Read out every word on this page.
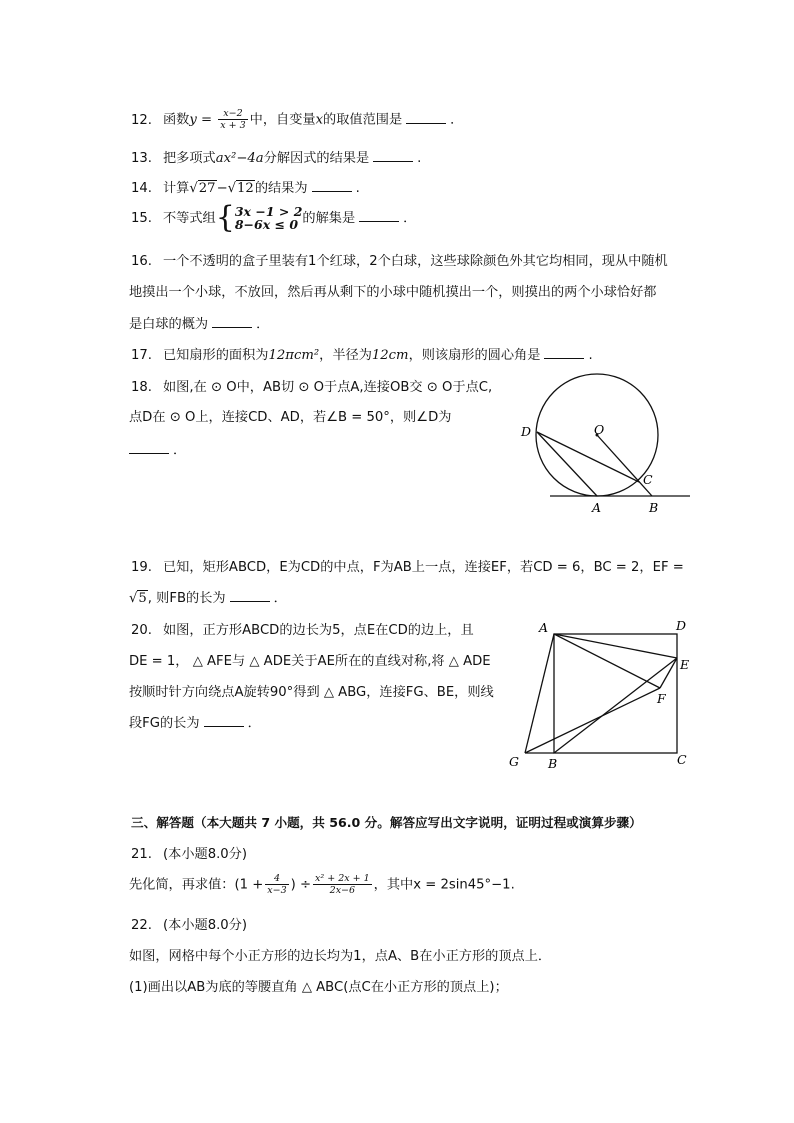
12. 函数$y = \frac{x-2}{x + 3}$ 中，自变量x的取值范围是	．
13. 把多项式ax²−4a分解因式的结果是	.
14. 计算√27−√12的结果为	.
15. 不等式组{ 3x −1 > 2
8−6x ≤ 0 的解集是	．
16. 一个不透明的盒子里装有1个红球，2个白球，这些球除颜色外其它均相同，现从中随机
地摸出一个小球，不放回，然后再从剩下的小球中随机摸出一个，则摸出的两个小球恰好都
是白球的概为	．
17. 已知扇形的面积为12πcm²，半径为12cm，则该扇形的圆心角是	.
18. 如图,在 ⊙ O中，AB切 ⊙ O于点A,连接OB交 ⊙ O于点C,
点D在 ⊙ O上，连接CD、AD，若∠B = 50°，则∠D为
．
D	O
C
A	B
19. 已知，矩形ABCD，E为CD的中点，F为AB上一点，连接EF，若CD = 6，BC = 2，EF =
√5, 则FB的长为	．
20. 如图，正方形ABCD的边长为5，点E在CD的边上，且
DE = 1， △ AFE与 △ ADE关于AE所在的直线对称,将 △ ADE
按顺时针方向绕点A旋转90°得到 △ ABG，连接FG、BE，则线
段FG的长为	．
A	D
E
F
G B	C
三、解答题（本大题共 7 小题，共 56.0 分。解答应写出文字说明，证明过程或演算步骤）
21. (本小题8.0分)
先化简，再求值：($1 + \frac{4}{x-3}$ ) ÷ $\frac{\text{x² + 2x + 1}}{2x-6}$ ，其中x = 2sin45°−1.
22. (本小题8.0分)
如图，网格中每个小正方形的边长均为1，点A、B在小正方形的顶点上．
(1)画出以AB为底的等腰直角 △ ABC(点C在小正方形的顶点上)；
